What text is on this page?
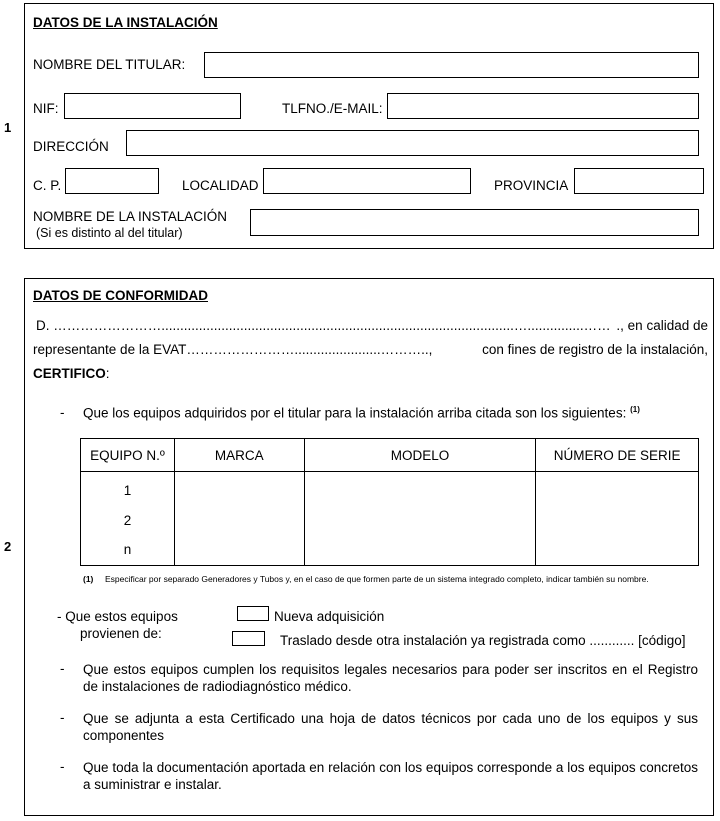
1
DATOS DE LA INSTALACIÓN
NOMBRE DEL TITULAR:
NIF:	TLFNO./E-MAIL:
DIRECCIÓN
C. P.	LOCALIDAD	PROVINCIA
NOMBRE DE LA INSTALACIÓN
(Si es distinto al del titular)
2
DATOS DE CONFORMIDAD
D. ……………………..............................................................................................…...............…… ., en calidad de
representante de la EVAT…………………….......................………..,	con fines de registro de la instalación,
CERTIFICO:
- Que los equipos adquiridos por el titular para la instalación arriba citada son los siguientes: $^{(1)}$
EQUIPO N.º	MARCA	MODELO	NÚMERO DE SERIE

1
2
n			

(1) Especificar por separado Generadores y Tubos y, en el caso de que formen parte de un sistema integrado completo, indicar también su nombre.
- Que estos equipos
provienen de:
Nueva adquisición
Traslado desde otra instalación ya registrada como ............ [código]
- Que estos equipos cumplen los requisitos legales necesarios para poder ser inscritos en el Registro de instalaciones de radiodiagnóstico médico.
- Que se adjunta a esta Certificado una hoja de datos técnicos por cada uno de los equipos y sus componentes
- Que toda la documentación aportada en relación con los equipos corresponde a los equipos concretos a suministrar e instalar.
